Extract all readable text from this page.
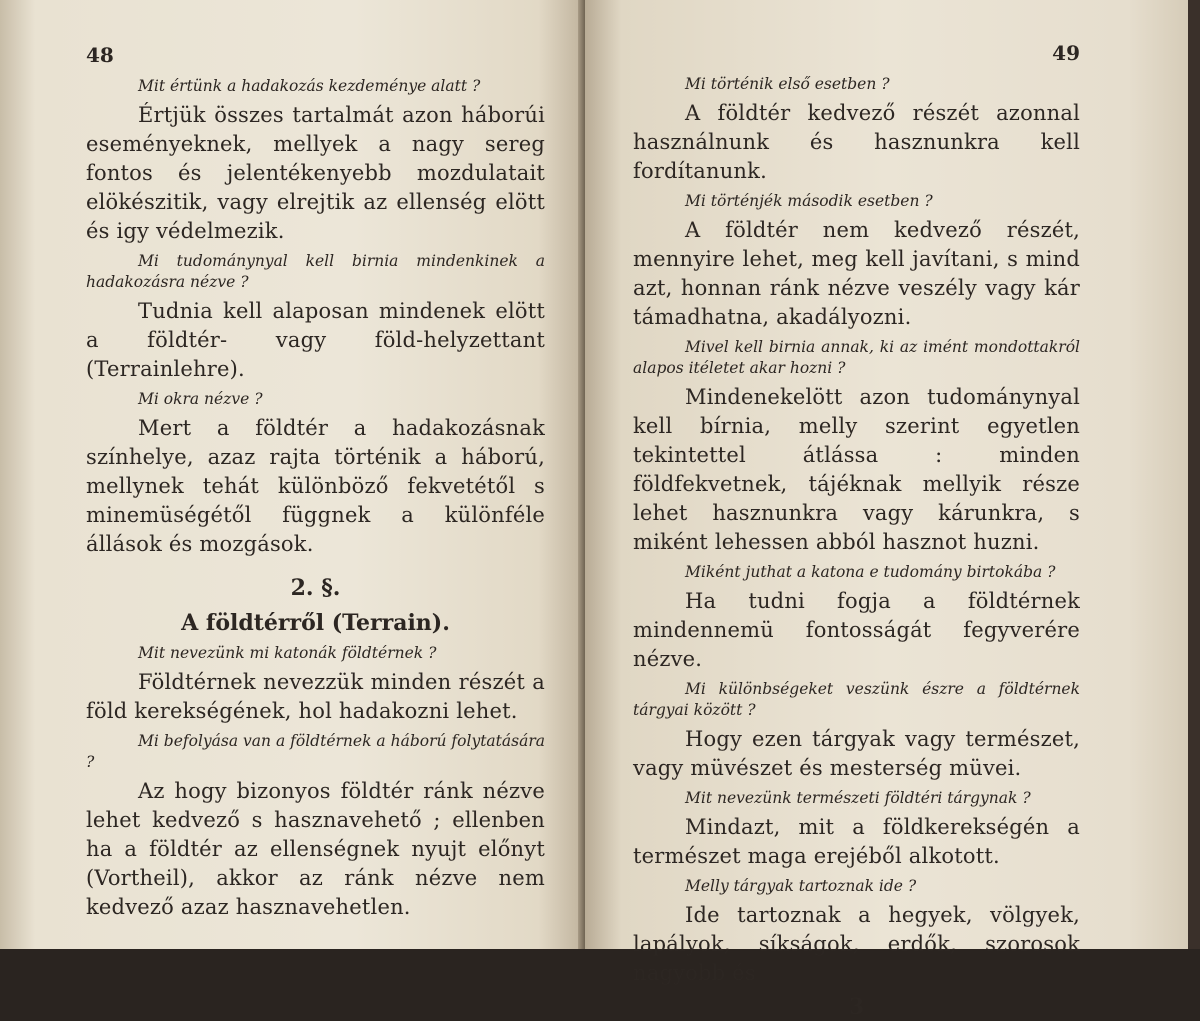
48

Mit értünk a hadakozás kezdeménye alatt ?

Értjük összes tartalmát azon háborúi eseményeknek, mellyek a nagy sereg fontos és jelentékenyebb mozdulatait elökészitik, vagy elrejtik az ellenség elött és igy védelmezik.

Mi tudománynyal kell birnia mindenkinek a hadakozásra nézve ?

Tudnia kell alaposan mindenek elött a földtér- vagy föld-helyzettant (Terrainlehre).

Mi okra nézve ?

Mert a földtér a hadakozásnak színhelye, azaz rajta történik a háború, mellynek tehát különböző fekvetétől s minemüségétől függnek a különféle állások és mozgások.

2. §.

A földtérről (Terrain).

Mit nevezünk mi katonák földtérnek ?

Földtérnek nevezzük minden részét a föld kerekségének, hol hadakozni lehet.

Mi befolyása van a földtérnek a háború folytatására ?

Az hogy bizonyos földtér ránk nézve lehet kedvező s hasznavehető ; ellenben ha a földtér az ellenségnek nyujt előnyt (Vortheil), akkor az ránk nézve nem kedvező azaz hasznavehetlen.

49

Mi történik első esetben ?

A földtér kedvező részét azonnal használnunk és hasznunkra kell fordítanunk.

Mi történjék második esetben ?

A földtér nem kedvező részét, mennyire lehet, meg kell javítani, s mind azt, honnan ránk nézve veszély vagy kár támadhatna, akadályozni.

Mivel kell birnia annak, ki az imént mondottakról alapos itéletet akar hozni ?

Mindenekelött azon tudománynyal kell bírnia, melly szerint egyetlen tekintettel átlássa : minden földfekvetnek, tájéknak mellyik része lehet hasznunkra vagy kárunkra, s miként lehessen abból hasznot huzni.

Miként juthat a katona e tudomány birtokába ?

Ha tudni fogja a földtérnek mindennemü fontosságát fegyverére nézve.

Mi különbségeket veszünk észre a földtérnek tárgyai között ?

Hogy ezen tárgyak vagy természet, vagy müvészet és mesterség müvei.

Mit nevezünk természeti földtéri tárgynak ?

Mindazt, mit a földkerekségén a természet maga erejéből alkotott.

Melly tárgyak tartoznak ide ?

Ide tartoznak a hegyek, völgyek, lapályok, síkságok, erdők, szorosok nagyobb és

3
